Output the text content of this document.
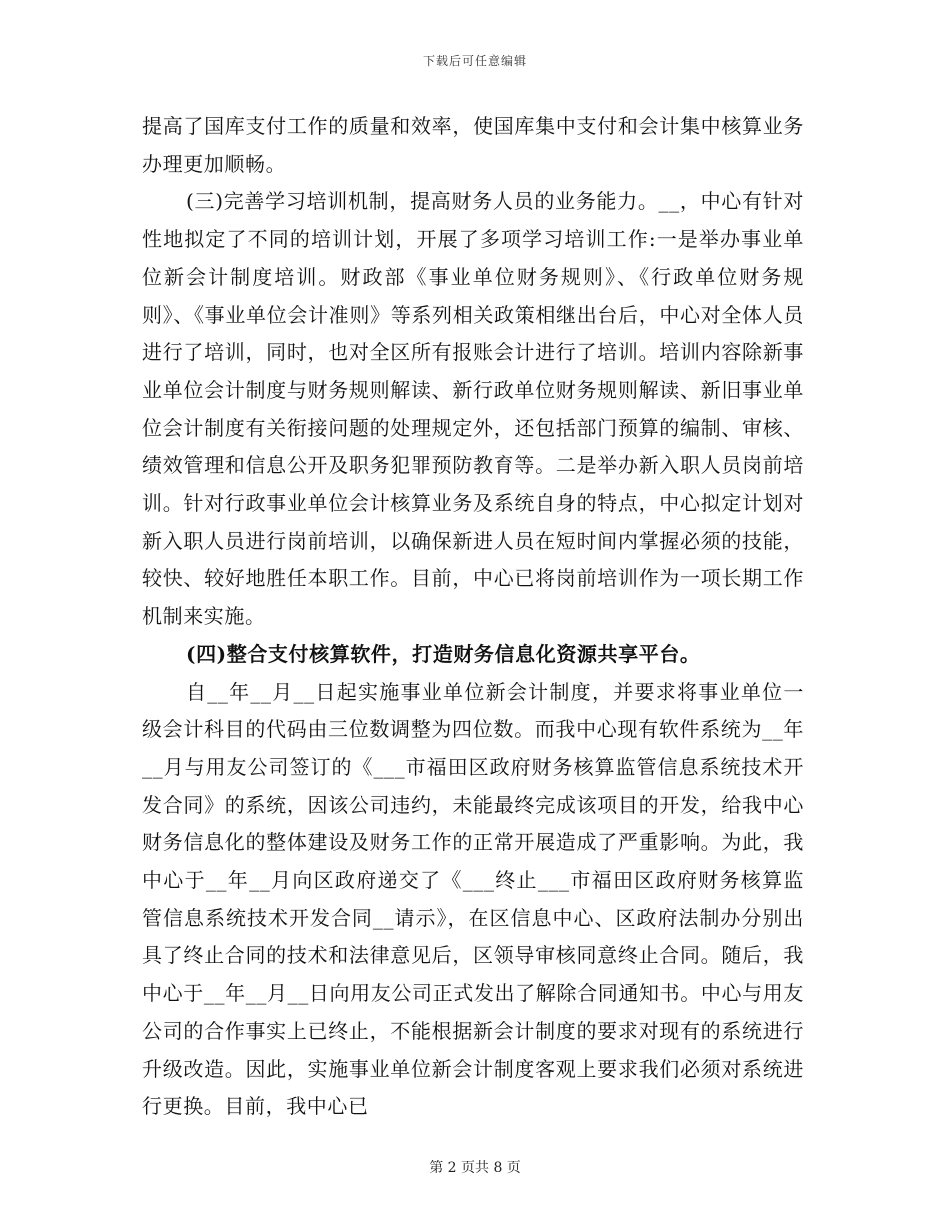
下载后可任意编辑

提高了国库支付工作的质量和效率，使国库集中支付和会计集中核算业务办理更加顺畅。

(三)完善学习培训机制，提高财务人员的业务能力。__，中心有针对性地拟定了不同的培训计划，开展了多项学习培训工作:一是举办事业单位新会计制度培训。财政部《事业单位财务规则》、《行政单位财务规则》、《事业单位会计准则》等系列相关政策相继出台后，中心对全体人员进行了培训，同时，也对全区所有报账会计进行了培训。培训内容除新事业单位会计制度与财务规则解读、新行政单位财务规则解读、新旧事业单位会计制度有关衔接问题的处理规定外，还包括部门预算的编制、审核、绩效管理和信息公开及职务犯罪预防教育等。二是举办新入职人员岗前培训。针对行政事业单位会计核算业务及系统自身的特点，中心拟定计划对新入职人员进行岗前培训，以确保新进人员在短时间内掌握必须的技能，较快、较好地胜任本职工作。目前，中心已将岗前培训作为一项长期工作机制来实施。

(四)整合支付核算软件，打造财务信息化资源共享平台。

自__年__月__日起实施事业单位新会计制度，并要求将事业单位一级会计科目的代码由三位数调整为四位数。而我中心现有软件系统为__年__月与用友公司签订的《___市福田区政府财务核算监管信息系统技术开发合同》的系统，因该公司违约，未能最终完成该项目的开发，给我中心财务信息化的整体建设及财务工作的正常开展造成了严重影响。为此，我中心于__年__月向区政府递交了《___终止___市福田区政府财务核算监管信息系统技术开发合同__请示》，在区信息中心、区政府法制办分别出具了终止合同的技术和法律意见后，区领导审核同意终止合同。随后，我中心于__年__月__日向用友公司正式发出了解除合同通知书。中心与用友公司的合作事实上已终止，不能根据新会计制度的要求对现有的系统进行升级改造。因此，实施事业单位新会计制度客观上要求我们必须对系统进行更换。目前，我中心已

第 2 页共 8 页
